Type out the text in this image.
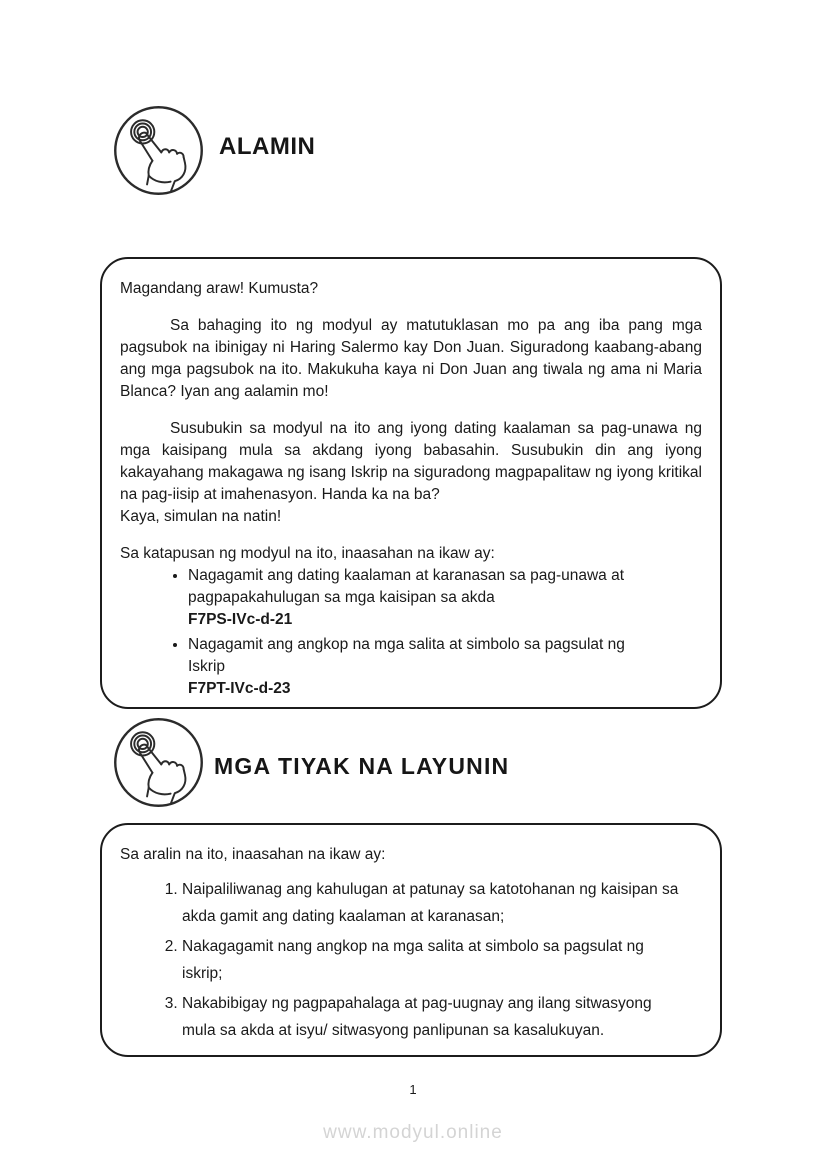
ALAMIN

Magandang araw! Kumusta?

Sa bahaging ito ng modyul ay matutuklasan mo pa ang iba pang mga pagsubok na ibinigay ni Haring Salermo kay Don Juan. Siguradong kaabang-abang ang mga pagsubok na ito. Makukuha kaya ni Don Juan ang tiwala ng ama ni Maria Blanca? Iyan ang aalamin mo!

Susubukin sa modyul na ito ang iyong dating kaalaman sa pag-unawa ng mga kaisipang mula sa akdang iyong babasahin. Susubukin din ang iyong kakayahang makagawa ng isang Iskrip na siguradong magpapalitaw ng iyong kritikal na pag-iisip at imahenasyon. Handa ka na ba?

Kaya, simulan na natin!

Sa katapusan ng modyul na ito, inaasahan na ikaw ay:

• Nagagamit ang dating kaalaman at karanasan sa pag-unawa at pagpapakahulugan sa mga kaisipan sa akda
F7PS-IVc-d-21
• Nagagamit ang angkop na mga salita at simbolo sa pagsulat ng Iskrip
F7PT-IVc-d-23
MGA TIYAK NA LAYUNIN

Sa aralin na ito, inaasahan na ikaw ay:

1. Naipaliliwanag ang kahulugan at patunay sa katotohanan ng kaisipan sa akda gamit ang dating kaalaman at karanasan;
2. Nakagagamit nang angkop na mga salita at simbolo sa pagsulat ng iskrip;
3. Nakabibigay ng pagpapahalaga at pag-uugnay ang ilang sitwasyong mula sa akda at isyu/ sitwasyong panlipunan sa kasalukuyan.
1
www.modyul.online
